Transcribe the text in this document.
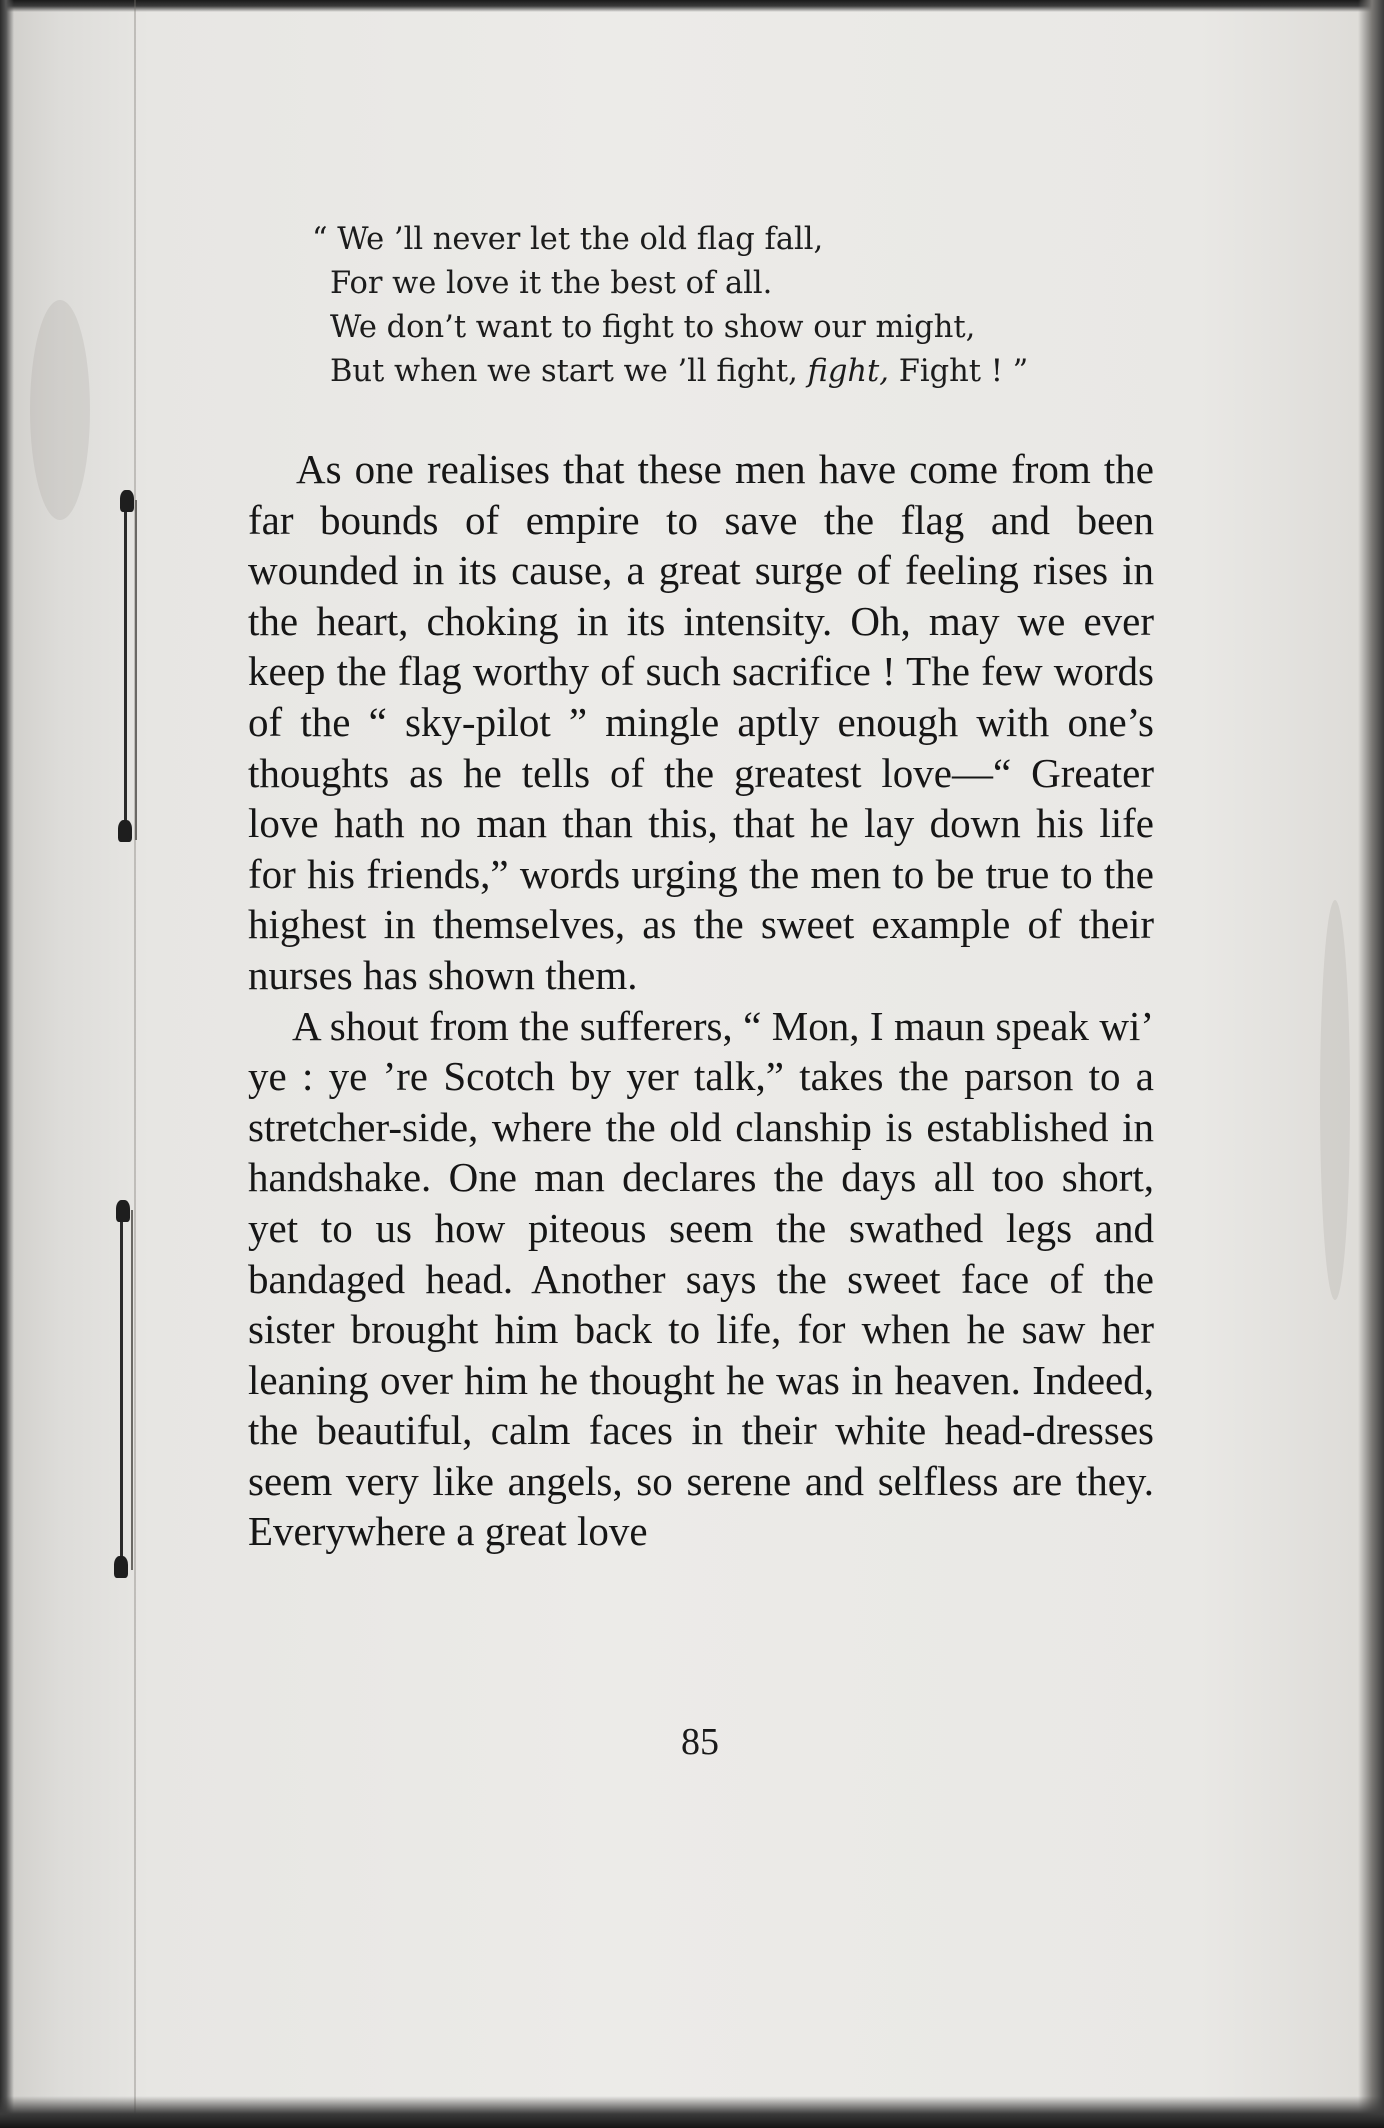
“ We ’ll never let the old flag fall,
For we love it the best of all.
We don’t want to fight to show our might,
But when we start we ’ll fight, fight, Fight ! ”

As one realises that these men have come from the far bounds of empire to save the flag and been wounded in its cause, a great surge of feeling rises in the heart, choking in its intensity. Oh, may we ever keep the flag worthy of such sacrifice ! The few words of the “ sky-pilot ” mingle aptly enough with one’s thoughts as he tells of the greatest love—“ Greater love hath no man than this, that he lay down his life for his friends,” words urging the men to be true to the highest in themselves, as the sweet example of their nurses has shown them.

A shout from the sufferers, “ Mon, I maun speak wi’ ye : ye ’re Scotch by yer talk,” takes the parson to a stretcher-side, where the old clanship is established in handshake. One man declares the days all too short, yet to us how piteous seem the swathed legs and bandaged head. Another says the sweet face of the sister brought him back to life, for when he saw her leaning over him he thought he was in heaven. Indeed, the beautiful, calm faces in their white head-dresses seem very like angels, so serene and selfless are they. Everywhere a great love

85
